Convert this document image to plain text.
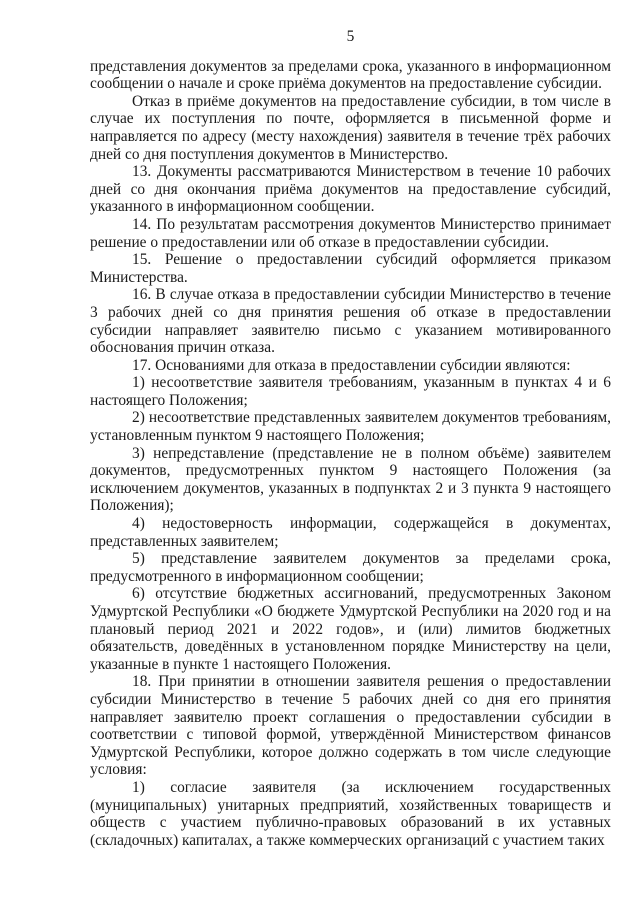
5

представления документов за пределами срока, указанного в информационном сообщении о начале и сроке приёма документов на предоставление субсидии.

Отказ в приёме документов на предоставление субсидии, в том числе в случае их поступления по почте, оформляется в письменной форме и направляется по адресу (месту нахождения) заявителя в течение трёх рабочих дней со дня поступления документов в Министерство.

13. Документы рассматриваются Министерством в течение 10 рабочих дней со дня окончания приёма документов на предоставление субсидий, указанного в информационном сообщении.

14. По результатам рассмотрения документов Министерство принимает решение о предоставлении или об отказе в предоставлении субсидии.

15. Решение о предоставлении субсидий оформляется приказом Министерства.

16. В случае отказа в предоставлении субсидии Министерство в течение 3 рабочих дней со дня принятия решения об отказе в предоставлении субсидии направляет заявителю письмо с указанием мотивированного обоснования причин отказа.

17. Основаниями для отказа в предоставлении субсидии являются:

1) несоответствие заявителя требованиям, указанным в пунктах 4 и 6 настоящего Положения;

2) несоответствие представленных заявителем документов требованиям, установленным пунктом 9 настоящего Положения;

3) непредставление (представление не в полном объёме) заявителем документов, предусмотренных пунктом 9 настоящего Положения (за исключением документов, указанных в подпунктах 2 и 3 пункта 9 настоящего Положения);

4) недостоверность информации, содержащейся в документах, представленных заявителем;

5) представление заявителем документов за пределами срока, предусмотренного в информационном сообщении;

6) отсутствие бюджетных ассигнований, предусмотренных Законом Удмуртской Республики «О бюджете Удмуртской Республики на 2020 год и на плановый период 2021 и 2022 годов», и (или) лимитов бюджетных обязательств, доведённых в установленном порядке Министерству на цели, указанные в пункте 1 настоящего Положения.

18. При принятии в отношении заявителя решения о предоставлении субсидии Министерство в течение 5 рабочих дней со дня его принятия направляет заявителю проект соглашения о предоставлении субсидии в соответствии с типовой формой, утверждённой Министерством финансов Удмуртской Республики, которое должно содержать в том числе следующие условия:

1) согласие заявителя (за исключением государственных (муниципальных) унитарных предприятий, хозяйственных товариществ и обществ с участием публично-правовых образований в их уставных (складочных) капиталах, а также коммерческих организаций с участием таких
